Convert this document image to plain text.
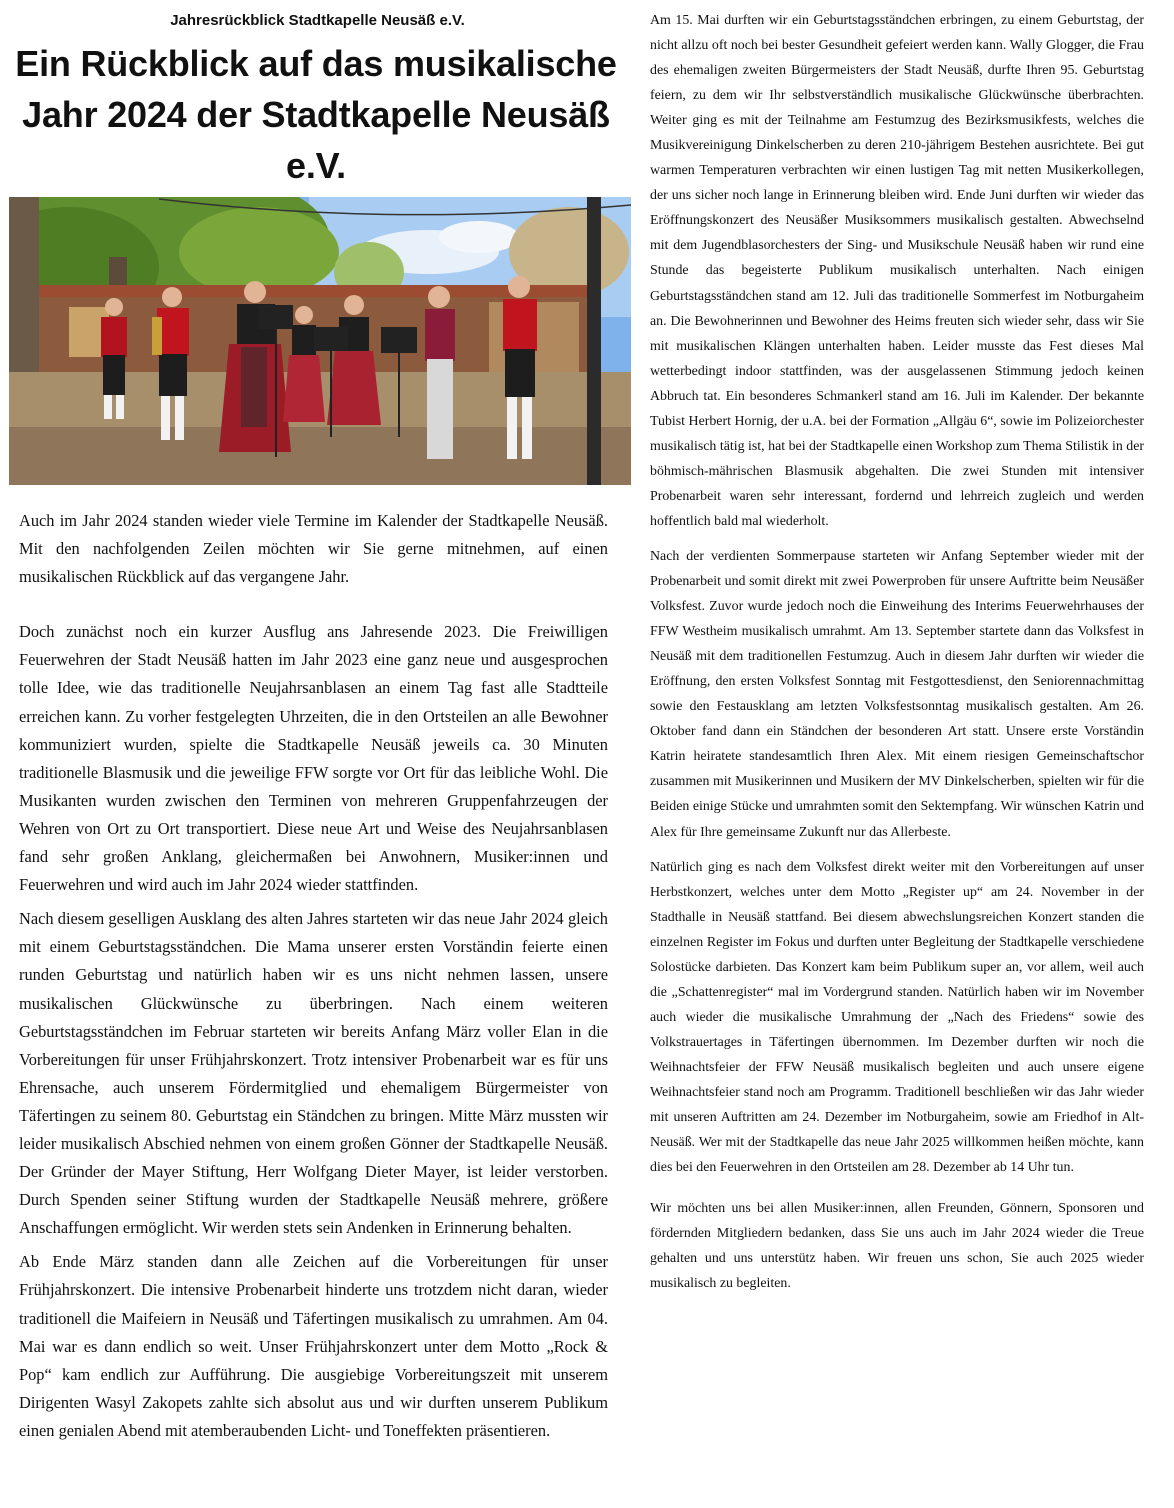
Jahresrückblick Stadtkapelle Neusäß e.V.
Ein Rückblick auf das musikalische Jahr 2024 der Stadtkapelle Neusäß e.V.

Auch im Jahr 2024 standen wieder viele Termine im Kalender der Stadtkapelle Neusäß. Mit den nachfolgenden Zeilen möchten wir Sie gerne mitnehmen, auf einen musikalischen Rückblick auf das vergangene Jahr.

Doch zunächst noch ein kurzer Ausflug ans Jahresende 2023. Die Freiwilligen Feuerwehren der Stadt Neusäß hatten im Jahr 2023 eine ganz neue und ausgesprochen tolle Idee, wie das traditionelle Neujahrsanblasen an einem Tag fast alle Stadtteile erreichen kann. Zu vorher festgelegten Uhrzeiten, die in den Ortsteilen an alle Bewohner kommuniziert wurden, spielte die Stadtkapelle Neusäß jeweils ca. 30 Minuten traditionelle Blasmusik und die jeweilige FFW sorgte vor Ort für das leibliche Wohl. Die Musikanten wurden zwischen den Terminen von mehreren Gruppenfahrzeugen der Wehren von Ort zu Ort transportiert. Diese neue Art und Weise des Neujahrsanblasen fand sehr großen Anklang, gleichermaßen bei Anwohnern, Musiker:innen und Feuerwehren und wird auch im Jahr 2024 wieder stattfinden.

Nach diesem geselligen Ausklang des alten Jahres starteten wir das neue Jahr 2024 gleich mit einem Geburtstagsständchen. Die Mama unserer ersten Vorständin feierte einen runden Geburtstag und natürlich haben wir es uns nicht nehmen lassen, unsere musikalischen Glückwünsche zu überbringen. Nach einem weiteren Geburtstagsständchen im Februar starteten wir bereits Anfang März voller Elan in die Vorbereitungen für unser Frühjahrskonzert. Trotz intensiver Probenarbeit war es für uns Ehrensache, auch unserem Fördermitglied und ehemaligem Bürgermeister von Täfertingen zu seinem 80. Geburtstag ein Ständchen zu bringen. Mitte März mussten wir leider musikalisch Abschied nehmen von einem großen Gönner der Stadtkapelle Neusäß. Der Gründer der Mayer Stiftung, Herr Wolfgang Dieter Mayer, ist leider verstorben. Durch Spenden seiner Stiftung wurden der Stadtkapelle Neusäß mehrere, größere Anschaffungen ermöglicht. Wir werden stets sein Andenken in Erinnerung behalten.

Ab Ende März standen dann alle Zeichen auf die Vorbereitungen für unser Frühjahrskonzert. Die intensive Probenarbeit hinderte uns trotzdem nicht daran, wieder traditionell die Maifeiern in Neusäß und Täfertingen musikalisch zu umrahmen. Am 04. Mai war es dann endlich so weit. Unser Frühjahrskonzert unter dem Motto „Rock & Pop“ kam endlich zur Aufführung. Die ausgiebige Vorbereitungszeit mit unserem Dirigenten Wasyl Zakopets zahlte sich absolut aus und wir durften unserem Publikum einen genialen Abend mit atemberaubenden Licht- und Toneffekten präsentieren.

Am 15. Mai durften wir ein Geburtstagsständchen erbringen, zu einem Geburtstag, der nicht allzu oft noch bei bester Gesundheit gefeiert werden kann. Wally Glogger, die Frau des ehemaligen zweiten Bürgermeisters der Stadt Neusäß, durfte Ihren 95. Geburtstag feiern, zu dem wir Ihr selbstverständlich musikalische Glückwünsche überbrachten. Weiter ging es mit der Teilnahme am Festumzug des Bezirksmusikfests, welches die Musikvereinigung Dinkelscherben zu deren 210-jährigem Bestehen ausrichtete. Bei gut warmen Temperaturen verbrachten wir einen lustigen Tag mit netten Musikerkollegen, der uns sicher noch lange in Erinnerung bleiben wird. Ende Juni durften wir wieder das Eröffnungskonzert des Neusäßer Musiksommers musikalisch gestalten. Abwechselnd mit dem Jugendblasorchesters der Sing- und Musikschule Neusäß haben wir rund eine Stunde das begeisterte Publikum musikalisch unterhalten. Nach einigen Geburtstagsständchen stand am 12. Juli das traditionelle Sommerfest im Notburgaheim an. Die Bewohnerinnen und Bewohner des Heims freuten sich wieder sehr, dass wir Sie mit musikalischen Klängen unterhalten haben. Leider musste das Fest dieses Mal wetterbedingt indoor stattfinden, was der ausgelassenen Stimmung jedoch keinen Abbruch tat. Ein besonderes Schmankerl stand am 16. Juli im Kalender. Der bekannte Tubist Herbert Hornig, der u.A. bei der Formation „Allgäu 6“, sowie im Polizeiorchester musikalisch tätig ist, hat bei der Stadtkapelle einen Workshop zum Thema Stilistik in der böhmisch-mährischen Blasmusik abgehalten. Die zwei Stunden mit intensiver Probenarbeit waren sehr interessant, fordernd und lehrreich zugleich und werden hoffentlich bald mal wiederholt.

Nach der verdienten Sommerpause starteten wir Anfang September wieder mit der Probenarbeit und somit direkt mit zwei Powerproben für unsere Auftritte beim Neusäßer Volksfest. Zuvor wurde jedoch noch die Einweihung des Interims Feuerwehrhauses der FFW Westheim musikalisch umrahmt. Am 13. September startete dann das Volksfest in Neusäß mit dem traditionellen Festumzug. Auch in diesem Jahr durften wir wieder die Eröffnung, den ersten Volksfest Sonntag mit Festgottesdienst, den Seniorennachmittag sowie den Festausklang am letzten Volksfestsonntag musikalisch gestalten. Am 26. Oktober fand dann ein Ständchen der besonderen Art statt. Unsere erste Vorständin Katrin heiratete standesamtlich Ihren Alex. Mit einem riesigen Gemeinschaftschor zusammen mit Musikerinnen und Musikern der MV Dinkelscherben, spielten wir für die Beiden einige Stücke und umrahmten somit den Sektempfang. Wir wünschen Katrin und Alex für Ihre gemeinsame Zukunft nur das Allerbeste.

Natürlich ging es nach dem Volksfest direkt weiter mit den Vorbereitungen auf unser Herbstkonzert, welches unter dem Motto „Register up“ am 24. November in der Stadthalle in Neusäß stattfand. Bei diesem abwechslungsreichen Konzert standen die einzelnen Register im Fokus und durften unter Begleitung der Stadtkapelle verschiedene Solostücke darbieten. Das Konzert kam beim Publikum super an, vor allem, weil auch die „Schattenregister“ mal im Vordergrund standen. Natürlich haben wir im November auch wieder die musikalische Umrahmung der „Nach des Friedens“ sowie des Volkstrauertages in Täfertingen übernommen. Im Dezember durften wir noch die Weihnachtsfeier der FFW Neusäß musikalisch begleiten und auch unsere eigene Weihnachtsfeier stand noch am Programm. Traditionell beschließen wir das Jahr wieder mit unseren Auftritten am 24. Dezember im Notburgaheim, sowie am Friedhof in Alt-Neusäß. Wer mit der Stadtkapelle das neue Jahr 2025 willkommen heißen möchte, kann dies bei den Feuerwehren in den Ortsteilen am 28. Dezember ab 14 Uhr tun.

Wir möchten uns bei allen Musiker:innen, allen Freunden, Gönnern, Sponsoren und fördernden Mitgliedern bedanken, dass Sie uns auch im Jahr 2024 wieder die Treue gehalten und uns unterstütz haben. Wir freuen uns schon, Sie auch 2025 wieder musikalisch zu begleiten.
